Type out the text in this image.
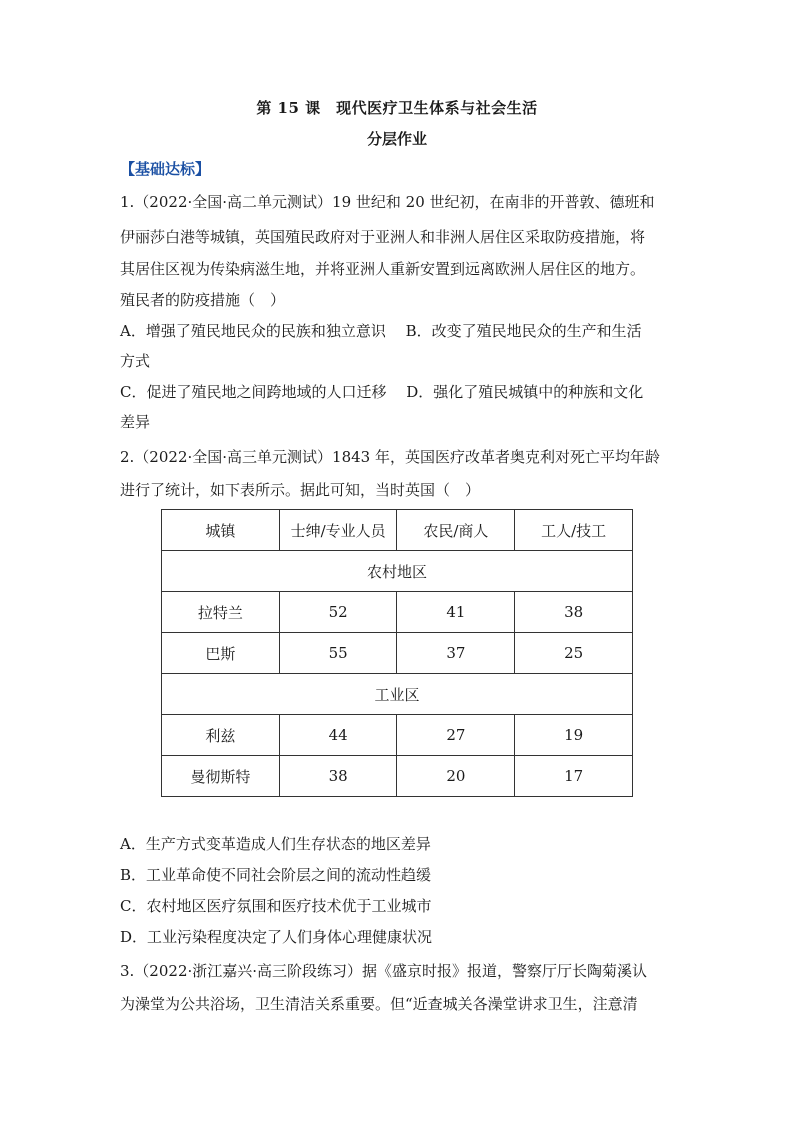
第 15 课　现代医疗卫生体系与社会生活
分层作业
【基础达标】
1.（2022·全国·高二单元测试）19 世纪和 20 世纪初，在南非的开普敦、德班和
伊丽莎白港等城镇，英国殖民政府对于亚洲人和非洲人居住区采取防疫措施，将
其居住区视为传染病滋生地，并将亚洲人重新安置到远离欧洲人居住区的地方。
殖民者的防疫措施（　）
A．增强了殖民地民众的民族和独立意识　 B．改变了殖民地民众的生产和生活
方式
C．促进了殖民地之间跨地域的人口迁移　 D．强化了殖民城镇中的种族和文化
差异
2.（2022·全国·高三单元测试）1843 年，英国医疗改革者奥克利对死亡平均年龄
进行了统计，如下表所示。据此可知，当时英国（　）
城镇	士绅/专业人员	农民/商人	工人/技工
农村地区			
拉特兰	52	41	38
巴斯	55	37	25
工业区			
利兹	44	27	19
曼彻斯特	38	20	17
A．生产方式变革造成人们生存状态的地区差异
B．工业革命使不同社会阶层之间的流动性趋缓
C．农村地区医疗氛围和医疗技术优于工业城市
D．工业污染程度决定了人们身体心理健康状况
3.（2022·浙江嘉兴·高三阶段练习）据《盛京时报》报道，警察厅厅长陶菊溪认
为澡堂为公共浴场，卫生清洁关系重要。但“近查城关各澡堂讲求卫生，注意清
